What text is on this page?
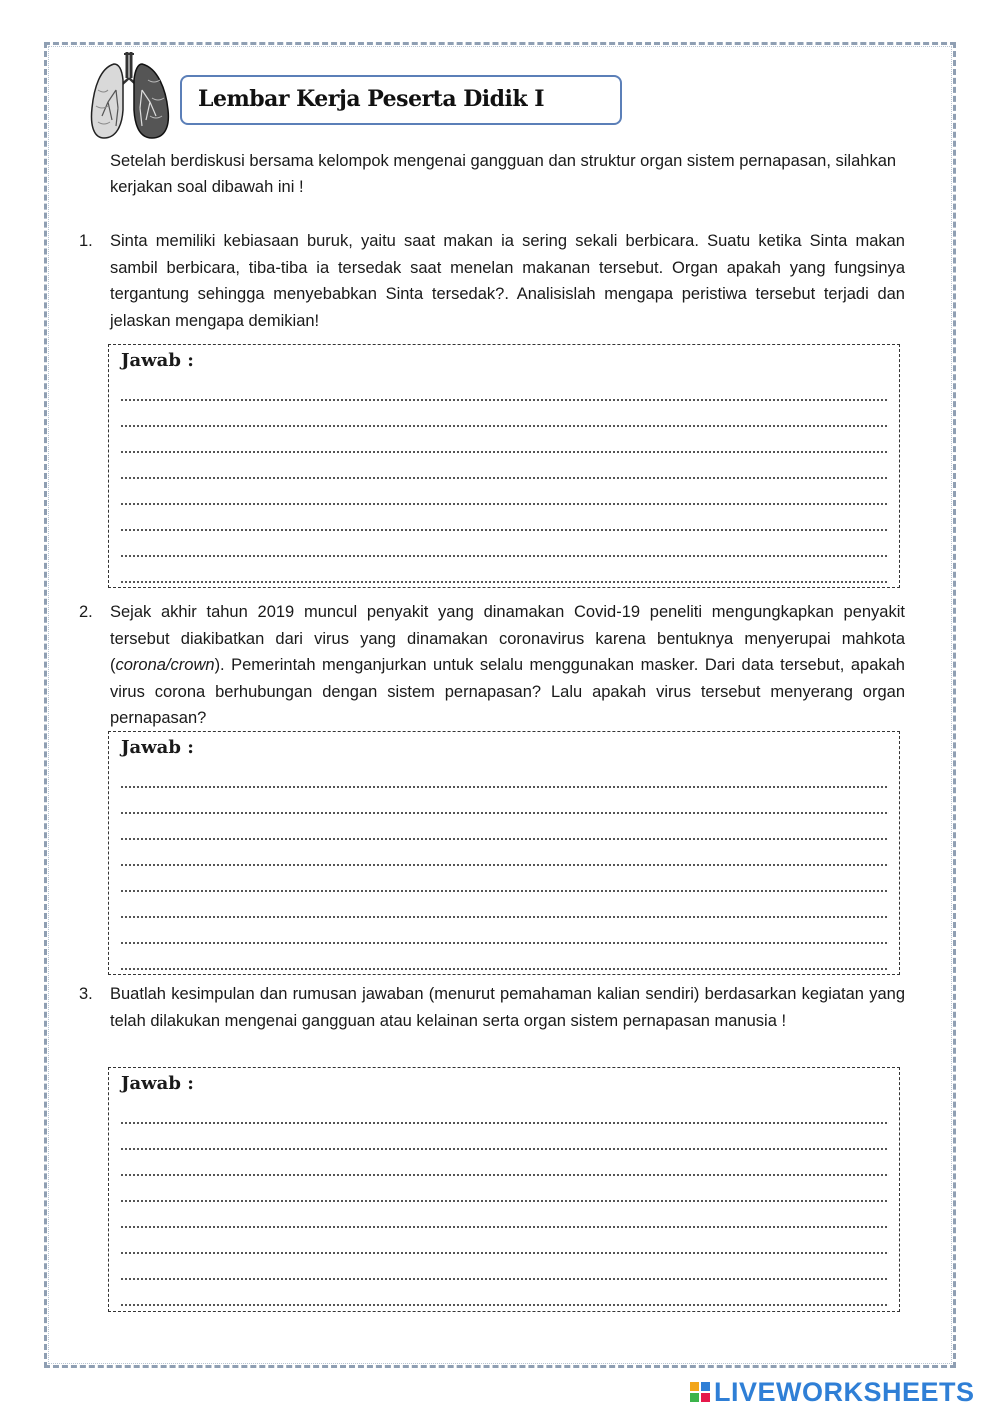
Lembar Kerja Peserta Didik I
Setelah berdiskusi bersama kelompok mengenai gangguan dan struktur organ sistem pernapasan, silahkan kerjakan soal dibawah ini !
1. Sinta memiliki kebiasaan buruk, yaitu saat makan ia sering sekali berbicara. Suatu ketika Sinta makan sambil berbicara, tiba-tiba ia tersedak saat menelan makanan tersebut. Organ apakah yang fungsinya tergantung sehingga menyebabkan Sinta tersedak?. Analisislah mengapa peristiwa tersebut terjadi dan jelaskan mengapa demikian!
Jawab :
2. Sejak akhir tahun 2019 muncul penyakit yang dinamakan Covid-19 peneliti mengungkapkan penyakit tersebut diakibatkan dari virus yang dinamakan coronavirus karena bentuknya menyerupai mahkota (corona/crown). Pemerintah menganjurkan untuk selalu menggunakan masker. Dari data tersebut, apakah virus corona berhubungan dengan sistem pernapasan? Lalu apakah virus tersebut menyerang organ pernapasan?
Jawab :
3. Buatlah kesimpulan dan rumusan jawaban (menurut pemahaman kalian sendiri) berdasarkan kegiatan yang telah dilakukan mengenai gangguan atau kelainan serta organ sistem pernapasan manusia !
Jawab :
LIVEWORKSHEETS
